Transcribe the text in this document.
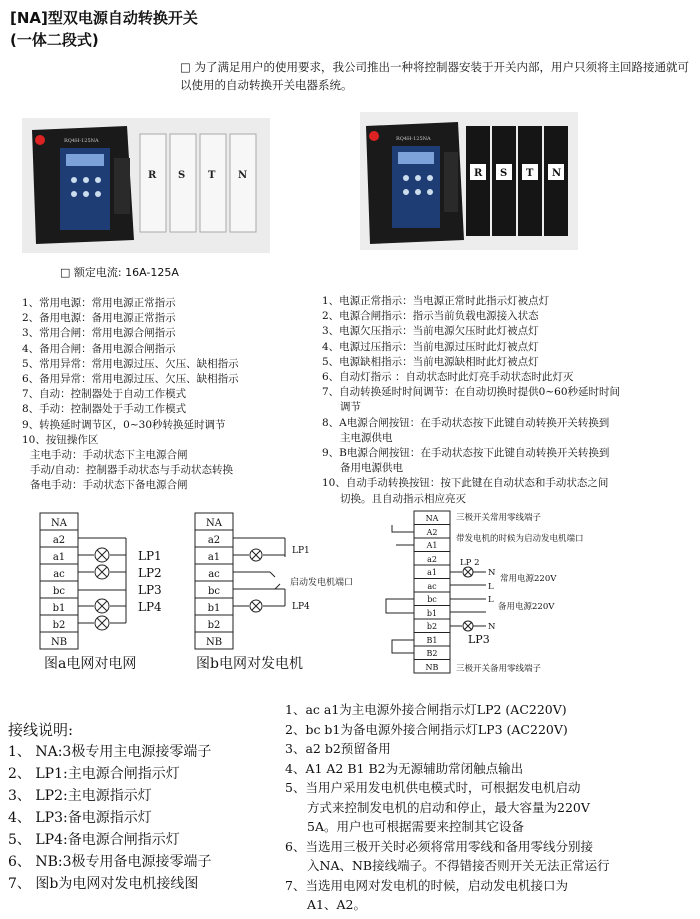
[NA]型双电源自动转换开关
(一体二段式)
□ 为了满足用户的使用要求，我公司推出一种将控制器安装于开关内部，用户只须将主回路接通就可以使用的自动转换开关电器系统。
R S T N
RQ4H-125NA
□ 额定电流: 16A-125A
R S T N
RQ4H-125NA
1、常用电源：常用电源正常指示
2、备用电源：备用电源正常指示
3、常用合闸：常用电源合闸指示
4、备用合闸：备用电源合闸指示
5、常用异常：常用电源过压、欠压、缺相指示
6、备用异常：常用电源过压、欠压、缺相指示
7、自动：控制器处于自动工作模式
8、手动：控制器处于手动工作模式
9、转换延时调节区，0~30秒转换延时调节
10、按钮操作区
主电手动：手动状态下主电源合闸
手动/自动：控制器手动状态与手动状态转换
备电手动：手动状态下备电源合闸
1、电源正常指示：当电源正常时此指示灯被点灯
2、电源合闸指示：指示当前负载电源接入状态
3、电源欠压指示：当前电源欠压时此灯被点灯
4、电源过压指示：当前电源过压时此灯被点灯
5、电源缺相指示：当前电源缺相时此灯被点灯
6、自动灯指示 ：自动状态时此灯亮手动状态时此灯灭
7、自动转换延时时间调节：在自动切换时提供0~60秒延时时间
调节
8、A电源合闸按钮：在手动状态按下此键自动转换开关转换到
主电源供电
9、B电源合闸按钮：在手动状态按下此键自动转换开关转换到
备用电源供电
10、自动手动转换按钮：按下此键在自动状态和手动状态之间
切换。且自动指示相应亮灭
NA
a2
a1
ac
bc
b1
b2
NB
LP1
LP2
LP3
LP4
图a电网对电网
NA
a2
a1
ac
bc
b1
b2
NB
LP1
启动发电机端口
LP4
图b电网对发电机
NA
A2
A1
a2
a1
ac
bc
b1
b2
B1
B2
NB
三极开关常用零线端子
带发电机的时候为启动发电机端口
LP 2
N
L
常用电源220V
L
N
备用电源220V
LP3
三极开关备用零线端子
接线说明:
1、 NA:3极专用主电源接零端子
2、 LP1:主电源合闸指示灯
3、 LP2:主电源指示灯
4、 LP3:备电源指示灯
5、 LP4:备电源合闸指示灯
6、 NB:3极专用备电源接零端子
7、 图b为电网对发电机接线图
1、ac a1为主电源外接合闸指示灯LP2 (AC220V)
2、bc b1为备电源外接合闸指示灯LP3 (AC220V)
3、a2 b2预留备用
4、A1 A2 B1 B2为无源辅助常闭触点输出
5、当用户采用发电机供电模式时，可根据发电机启动
方式来控制发电机的启动和停止，最大容量为220V
5A。用户也可根据需要来控制其它设备
6、当选用三极开关时必须将常用零线和备用零线分别接
入NA、NB接线端子。不得错接否则开关无法正常运行
7、当选用电网对发电机的时候，启动发电机接口为
A1、A2。
